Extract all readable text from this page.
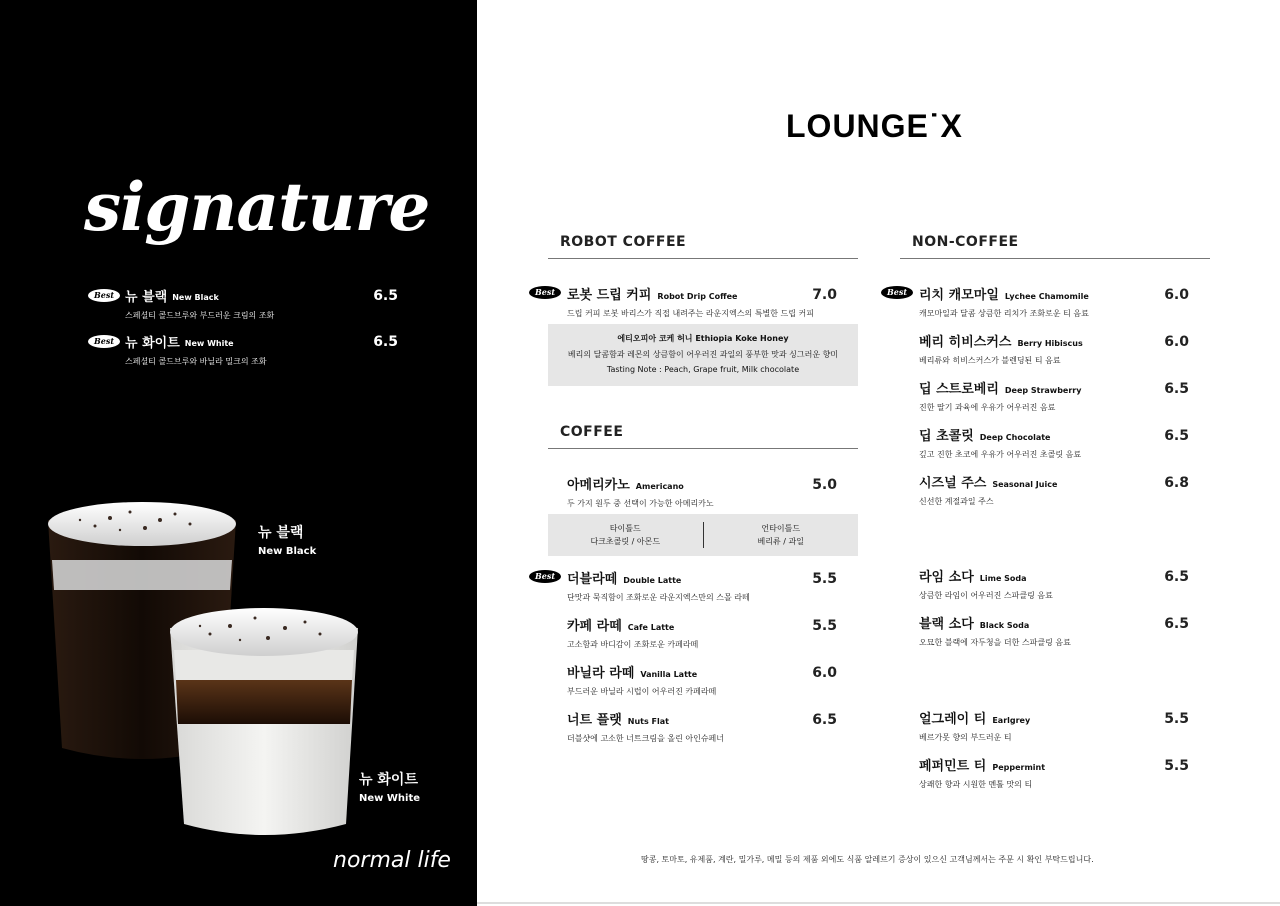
signature
Best 뉴 블랙 New Black	6.5
스페셜티 콜드브루와 부드러운 크림의 조화
Best 뉴 화이트 New White	6.5
스페셜티 콜드브루와 바닐라 밀크의 조화
뉴 블랙
New Black
뉴 화이트
New White
normal life
LOUNGE˙X
ROBOT COFFEE
Best 로봇 드립 커피 Robot Drip Coffee	7.0
드립 커피 로봇 바리스가 직접 내려주는 라운지엑스의 특별한 드립 커피
에티오피아 코케 허니 Ethiopia Koke Honey
베리의 달콤함과 레몬의 상큼함이 어우러진 과일의 풍부한 맛과 싱그러운 향미
Tasting Note : Peach, Grape fruit, Milk chocolate
COFFEE
아메리카노 Americano	5.0
두 가지 원두 중 선택이 가능한 아메리카노
타이틀드
다크초콜릿 / 아몬드
언타이틀드
베리류 / 과일
Best 더블라떼 Double Latte	5.5
단맛과 묵직함이 조화로운 라운지엑스만의 스몰 라떼
카페 라떼 Cafe Latte	5.5
고소함과 바디감이 조화로운 카페라떼
바닐라 라떼 Vanilla Latte	6.0
부드러운 바닐라 시럽이 어우러진 카페라떼
너트 플랫 Nuts Flat	6.5
더블샷에 고소한 너트크림을 올린 아인슈페너
NON-COFFEE
Best 리치 캐모마일 Lychee Chamomile	6.0
캐모마일과 달콤 상큼한 리치가 조화로운 티 음료
베리 히비스커스 Berry Hibiscus	6.0
베리류와 히비스커스가 블렌딩된 티 음료
딥 스트로베리 Deep Strawberry	6.5
진한 딸기 과육에 우유가 어우러진 음료
딥 초콜릿 Deep Chocolate	6.5
깊고 진한 초코에 우유가 어우러진 초콜릿 음료
시즈널 주스 Seasonal Juice	6.8
신선한 계절과일 주스
라임 소다 Lime Soda	6.5
상큼한 라임이 어우러진 스파클링 음료
블랙 소다 Black Soda	6.5
오묘한 블랙에 자두청을 더한 스파클링 음료
얼그레이 티 Earlgrey	5.5
베르가못 향의 부드러운 티
페퍼민트 티 Peppermint	5.5
상쾌한 향과 시원한 멘톨 맛의 티
땅콩, 토마토, 유제품, 계란, 밀가루, 메밀 등의 제품 외에도 식품 알레르기 증상이 있으신 고객님께서는 주문 시 확인 부탁드립니다.
